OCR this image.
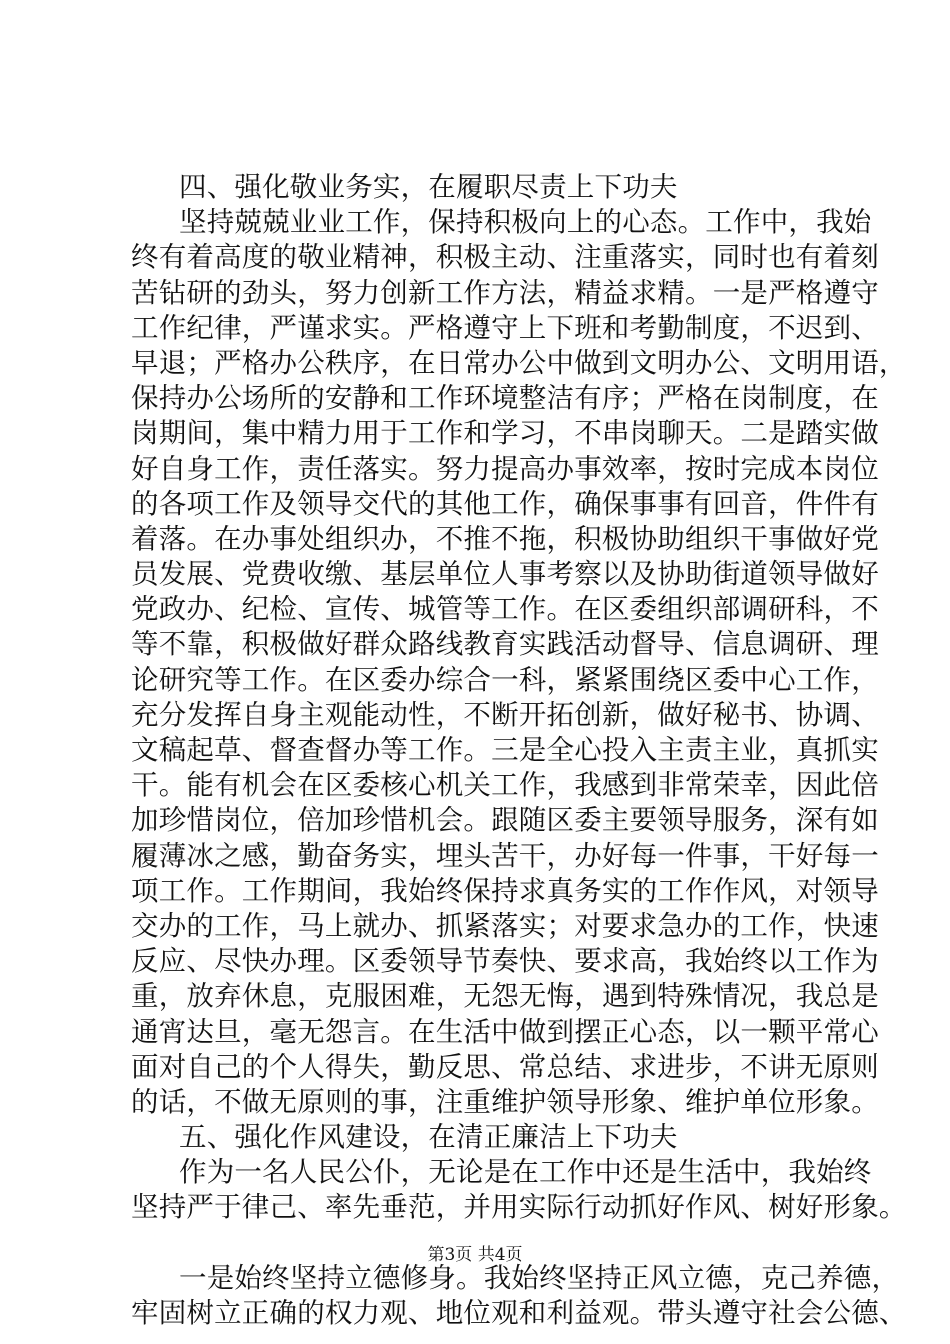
四、强化敬业务实，在履职尽责上下功夫
坚持兢兢业业工作，保持积极向上的心态。工作中，我始
终有着高度的敬业精神，积极主动、注重落实，同时也有着刻
苦钻研的劲头，努力创新工作方法，精益求精。一是严格遵守
工作纪律，严谨求实。严格遵守上下班和考勤制度，不迟到、
早退；严格办公秩序，在日常办公中做到文明办公、文明用语，
保持办公场所的安静和工作环境整洁有序；严格在岗制度，在
岗期间，集中精力用于工作和学习，不串岗聊天。二是踏实做
好自身工作，责任落实。努力提高办事效率，按时完成本岗位
的各项工作及领导交代的其他工作，确保事事有回音，件件有
着落。在办事处组织办，不推不拖，积极协助组织干事做好党
员发展、党费收缴、基层单位人事考察以及协助街道领导做好
党政办、纪检、宣传、城管等工作。在区委组织部调研科，不
等不靠，积极做好群众路线教育实践活动督导、信息调研、理
论研究等工作。在区委办综合一科，紧紧围绕区委中心工作，
充分发挥自身主观能动性，不断开拓创新，做好秘书、协调、
文稿起草、督查督办等工作。三是全心投入主责主业，真抓实
干。能有机会在区委核心机关工作，我感到非常荣幸，因此倍
加珍惜岗位，倍加珍惜机会。跟随区委主要领导服务，深有如
履薄冰之感，勤奋务实，埋头苦干，办好每一件事，干好每一
项工作。工作期间，我始终保持求真务实的工作作风，对领导
交办的工作，马上就办、抓紧落实；对要求急办的工作，快速
反应、尽快办理。区委领导节奏快、要求高，我始终以工作为
重，放弃休息，克服困难，无怨无悔，遇到特殊情况，我总是
通宵达旦，毫无怨言。在生活中做到摆正心态，以一颗平常心
面对自己的个人得失，勤反思、常总结、求进步，不讲无原则
的话，不做无原则的事，注重维护领导形象、维护单位形象。
五、强化作风建设，在清正廉洁上下功夫
作为一名人民公仆，无论是在工作中还是生活中，我始终
坚持严于律己、率先垂范，并用实际行动抓好作风、树好形象。
一是始终坚持立德修身。我始终坚持正风立德，克己养德，
牢固树立正确的权力观、地位观和利益观。带头遵守社会公德、
第3页 共4页
